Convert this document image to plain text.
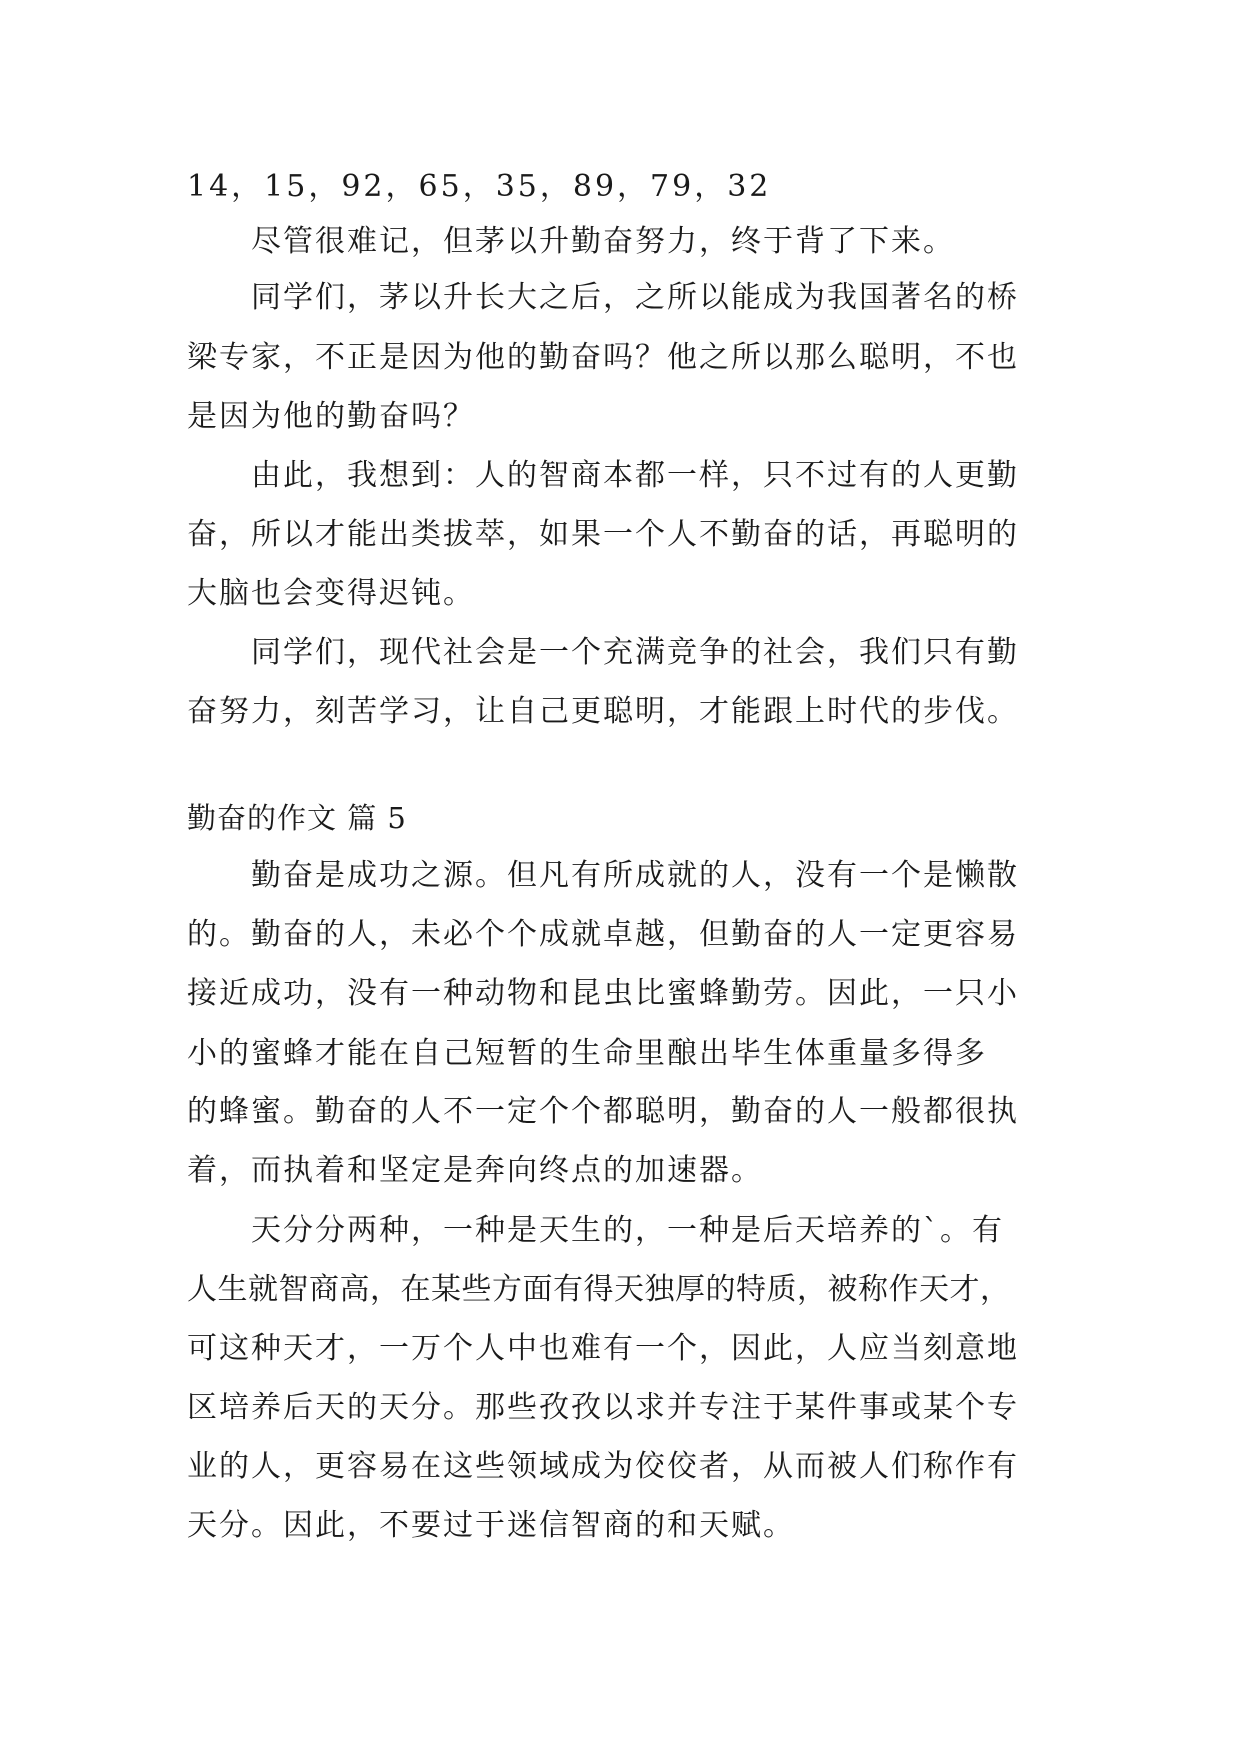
14，15，92，65，35，89，79，32
尽管很难记，但茅以升勤奋努力，终于背了下来。
同学们，茅以升长大之后，之所以能成为我国著名的桥
梁专家，不正是因为他的勤奋吗？他之所以那么聪明，不也
是因为他的勤奋吗？
由此，我想到：人的智商本都一样，只不过有的人更勤
奋，所以才能出类拔萃，如果一个人不勤奋的话，再聪明的
大脑也会变得迟钝。
同学们，现代社会是一个充满竞争的社会，我们只有勤
奋努力，刻苦学习，让自己更聪明，才能跟上时代的步伐。
勤奋的作文 篇 5
勤奋是成功之源。但凡有所成就的人，没有一个是懒散
的。勤奋的人，未必个个成就卓越，但勤奋的人一定更容易
接近成功，没有一种动物和昆虫比蜜蜂勤劳。因此，一只小
小的蜜蜂才能在自己短暂的生命里酿出毕生体重量多得多
的蜂蜜。勤奋的人不一定个个都聪明，勤奋的人一般都很执
着，而执着和坚定是奔向终点的加速器。
天分分两种，一种是天生的，一种是后天培养的`。有
人生就智商高，在某些方面有得天独厚的特质，被称作天才，
可这种天才，一万个人中也难有一个，因此，人应当刻意地
区培养后天的天分。那些孜孜以求并专注于某件事或某个专
业的人，更容易在这些领域成为佼佼者，从而被人们称作有
天分。因此，不要过于迷信智商的和天赋。
